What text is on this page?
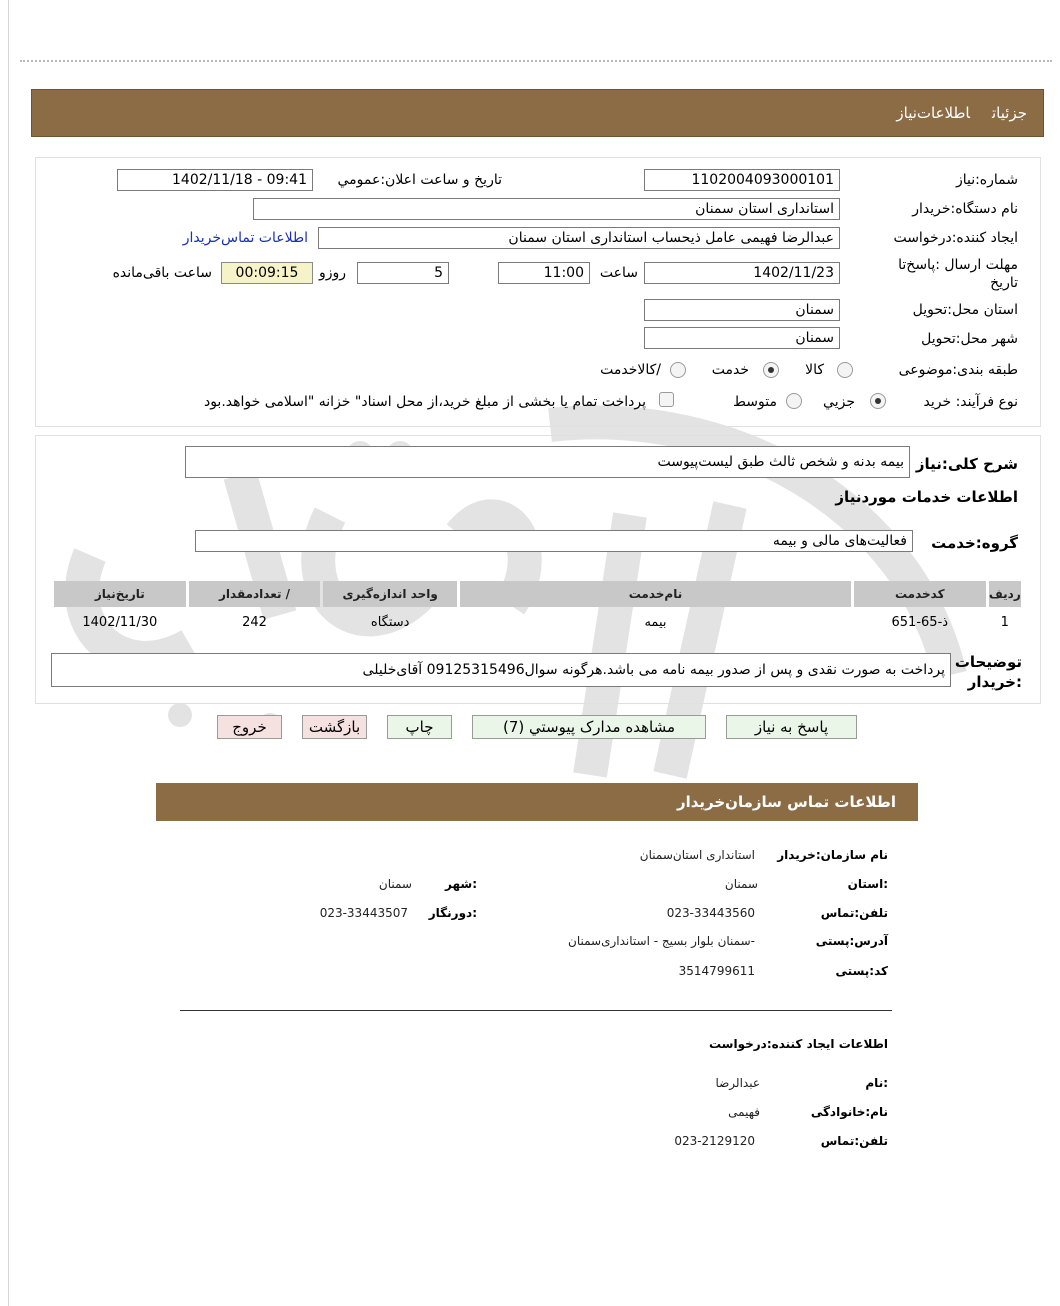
جزئیاتاطلاعات‌نیاز
شماره:نیاز
1102004093000101
تاریخ و ساعت اعلان:عمومي
1402/11/18 - 09:41
نام دستگاه:خریدار
استانداری استان سمنان
ایجاد کننده:درخواست
عبدالرضا فهیمی عامل ذیحساب استانداری استان سمنان
اطلاعات تماس‌خریدار
مهلت ارسال :پاسخ‌تا تاریخ
1402/11/23
ساعت
11:00
5
روزو
00:09:15
ساعت باقی‌مانده
استان محل:تحویل
سمنان
شهر محل:تحویل
سمنان
طبقه بندی:موضوعی
کالا
خدمت
/کالاخدمت
نوع فرآیند: خرید
جزیي
متوسط
پرداخت تمام یا بخشی از مبلغ خرید،از محل اسناد" خزانه "اسلامی خواهد.بود
شرح کلی:نیاز
بیمه بدنه و شخص ثالث طبق لیست‌پیوست
اطلاعات خدمات موردنیاز
گروه:خدمت
فعالیت‌های مالی و بیمه
ردیف	کدخدمت	نام‌خدمت	واحد اندازه‌گیری	/ تعدادمقدار	تاریخ‌نیاز
1	ذ-65-651	بیمه	دستگاه	242	1402/11/30
توضیحات :خریدار
پرداخت به صورت نقدی و پس از صدور بیمه نامه می باشد.هرگونه سوال09125315496 آقای‌خلیلی
پاسخ به نیاز
مشاهده مدارک پیوستي (7)
چاپ
بازگشت
خروج
اطلاعات تماس سازمان‌خریدار
نام سازمان:خریدار
استانداری استان‌سمنان
:استان
سمنان
:شهر
سمنان
تلفن:تماس
023-33443560
:دورنگار
023-33443507
آدرس:پستی
-سمنان بلوار بسیج - استانداری‌سمنان
کد:پستی
3514799611
اطلاعات ایجاد کننده:درخواست
:نام
عبدالرضا
نام:خانوادگی
فهیمی
تلفن:تماس
023-2129120
